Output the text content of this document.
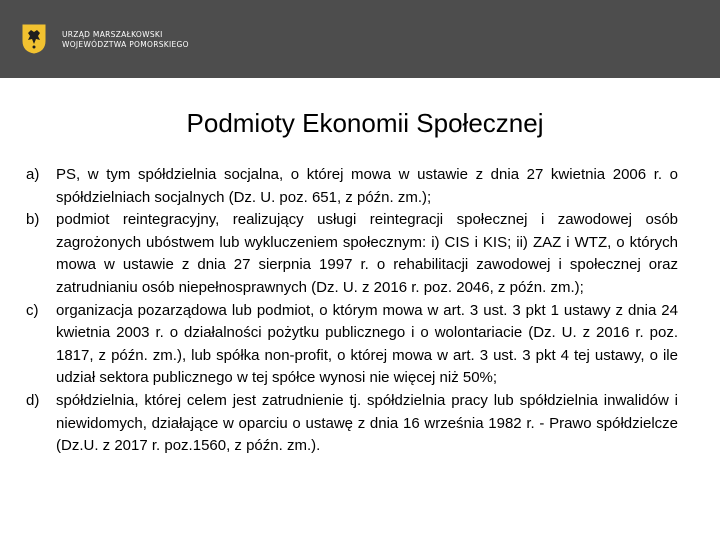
URZĄD MARSZAŁKOWSKI
WOJEWÓDZTWA POMORSKIEGO
Podmioty Ekonomii Społecznej
a) PS, w tym spółdzielnia socjalna, o której mowa w ustawie z dnia 27 kwietnia 2006 r. o spółdzielniach socjalnych (Dz. U. poz. 651, z późn. zm.);
b) podmiot reintegracyjny, realizujący usługi reintegracji społecznej i zawodowej osób zagrożonych ubóstwem lub wykluczeniem społecznym: i) CIS i KIS; ii) ZAZ i WTZ, o których mowa w ustawie z dnia 27 sierpnia 1997 r. o rehabilitacji zawodowej i społecznej oraz zatrudnianiu osób niepełnosprawnych (Dz. U. z 2016 r. poz. 2046, z późn. zm.);
c) organizacja pozarządowa lub podmiot, o którym mowa w art. 3 ust. 3 pkt 1 ustawy z dnia 24 kwietnia 2003 r. o działalności pożytku publicznego i o wolontariacie (Dz. U. z 2016 r. poz. 1817, z późn. zm.), lub spółka non-profit, o której mowa w art. 3 ust. 3 pkt 4 tej ustawy, o ile udział sektora publicznego w tej spółce wynosi nie więcej niż 50%;
d) spółdzielnia, której celem jest zatrudnienie tj. spółdzielnia pracy lub spółdzielnia inwalidów i niewidomych, działające w oparciu o ustawę z dnia 16 września 1982 r. - Prawo spółdzielcze (Dz.U. z 2017 r. poz.1560, z późn. zm.).
